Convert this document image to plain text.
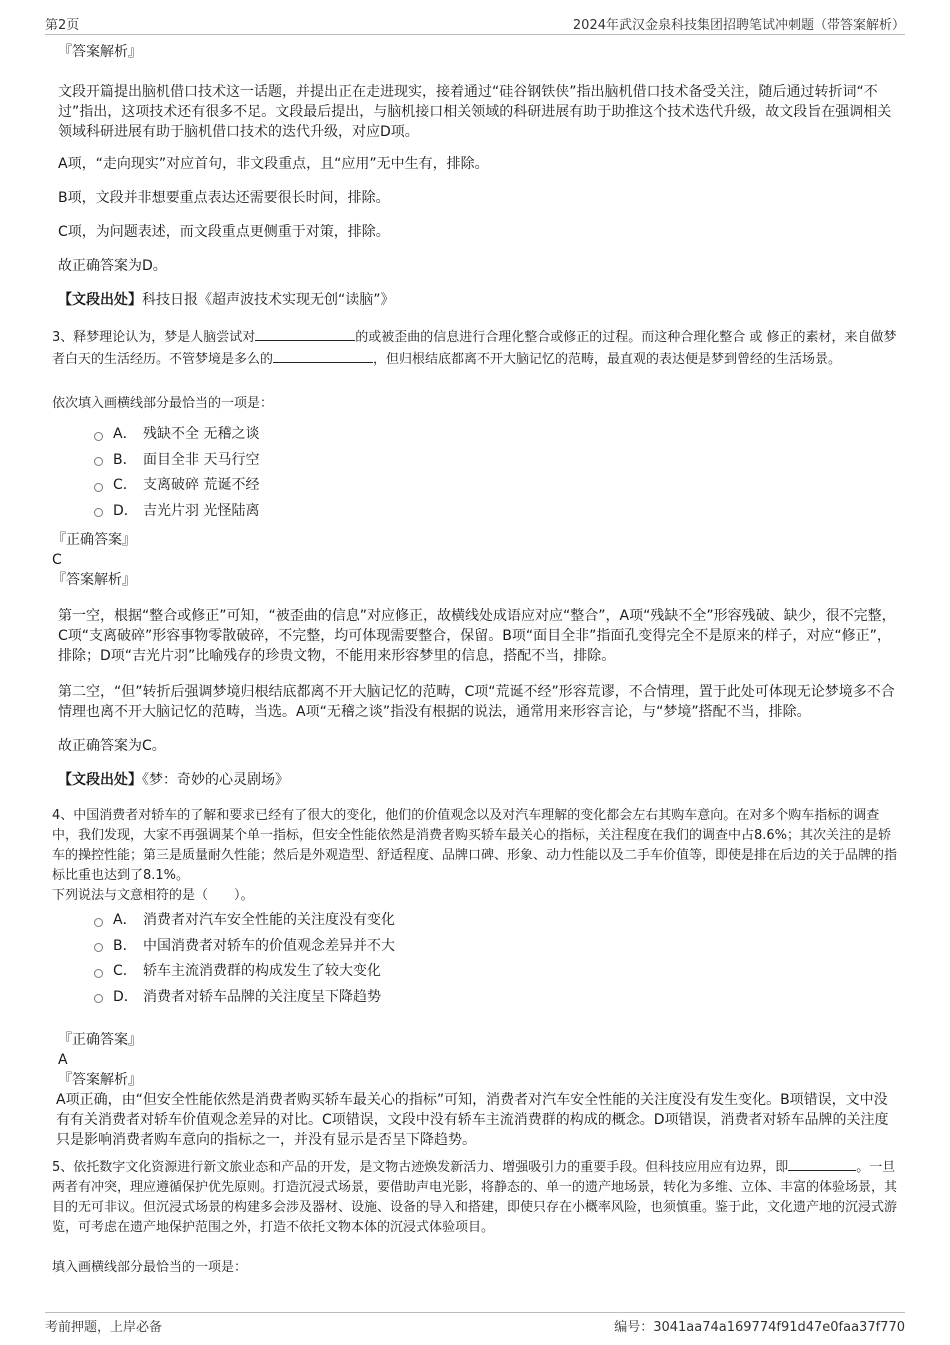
第2页	2024年武汉金泉科技集团招聘笔试冲刺题（带答案解析）

『答案解析』

文段开篇提出脑机借口技术这一话题，并提出正在走进现实，接着通过“硅谷钢铁侠”指出脑机借口技术备受关注，随后通过转折词“不过”指出，这项技术还有很多不足。文段最后提出，与脑机接口相关领域的科研进展有助于助推这个技术迭代升级，故文段旨在强调相关领域科研进展有助于脑机借口技术的迭代升级，对应D项。

A项，“走向现实”对应首句，非文段重点，且“应用”无中生有，排除。

B项，文段并非想要重点表达还需要很长时间，排除。

C项，为问题表述，而文段重点更侧重于对策，排除。

故正确答案为D。

【文段出处】科技日报《超声波技术实现无创“读脑”》

3、释梦理论认为，梦是人脑尝试对	的或被歪曲的信息进行合理化整合或修正的过程。而这种合理化整合 或 修正的素材，来自做梦者白天的生活经历。不管梦境是多么的	，但归根结底都离不开大脑记忆的范畴，最直观的表达便是梦到曾经的生活场景。

依次填入画横线部分最恰当的一项是：

A． 残缺不全 无稽之谈
B． 面目全非 天马行空
C． 支离破碎 荒诞不经
D． 吉光片羽 光怪陆离

『正确答案』

C

『答案解析』

第一空，根据“整合或修正”可知，“被歪曲的信息”对应修正，故横线处成语应对应“整合”，A项“残缺不全”形容残破、缺少，很不完整，C项“支离破碎”形容事物零散破碎，不完整，均可体现需要整合，保留。B项“面目全非”指面孔变得完全不是原来的样子，对应“修正”，排除；D项“吉光片羽”比喻残存的珍贵文物，不能用来形容梦里的信息，搭配不当，排除。

第二空，“但”转折后强调梦境归根结底都离不开大脑记忆的范畴，C项“荒诞不经”形容荒谬，不合情理，置于此处可体现无论梦境多不合情理也离不开大脑记忆的范畴，当选。A项“无稽之谈”指没有根据的说法，通常用来形容言论，与“梦境”搭配不当，排除。

故正确答案为C。

【文段出处】《梦：奇妙的心灵剧场》

4、中国消费者对轿车的了解和要求已经有了很大的变化，他们的价值观念以及对汽车理解的变化都会左右其购车意向。在对多个购车指标的调查中，我们发现，大家不再强调某个单一指标，但安全性能依然是消费者购买轿车最关心的指标，关注程度在我们的调查中占8.6%；其次关注的是轿车的操控性能；第三是质量耐久性能；然后是外观造型、舒适程度、品牌口碑、形象、动力性能以及二手车价值等，即使是排在后边的关于品牌的指标比重也达到了8.1%。

下列说法与文意相符的是（　　）。

A． 消费者对汽车安全性能的关注度没有变化
B． 中国消费者对轿车的价值观念差异并不大
C． 轿车主流消费群的构成发生了较大变化
D． 消费者对轿车品牌的关注度呈下降趋势

『正确答案』

A

『答案解析』

A项正确，由“但安全性能依然是消费者购买轿车最关心的指标”可知，消费者对汽车安全性能的关注度没有发生变化。B项错误，文中没有有关消费者对轿车价值观念差异的对比。C项错误，文段中没有轿车主流消费群的构成的概念。D项错误，消费者对轿车品牌的关注度只是影响消费者购车意向的指标之一，并没有显示是否呈下降趋势。

5、依托数字文化资源进行新文旅业态和产品的开发，是文物古迹焕发新活力、增强吸引力的重要手段。但科技应用应有边界，即	。一旦两者有冲突，理应遵循保护优先原则。打造沉浸式场景，要借助声电光影，将静态的、单一的遗产地场景，转化为多维、立体、丰富的体验场景，其目的无可非议。但沉浸式场景的构建多会涉及器材、设施、设备的导入和搭建，即使只存在小概率风险，也须慎重。鉴于此，文化遗产地的沉浸式游览，可考虑在遗产地保护范围之外，打造不依托文物本体的沉浸式体验项目。

填入画横线部分最恰当的一项是：

考前押题，上岸必备	编号：3041aa74a169774f91d47e0faa37f770
